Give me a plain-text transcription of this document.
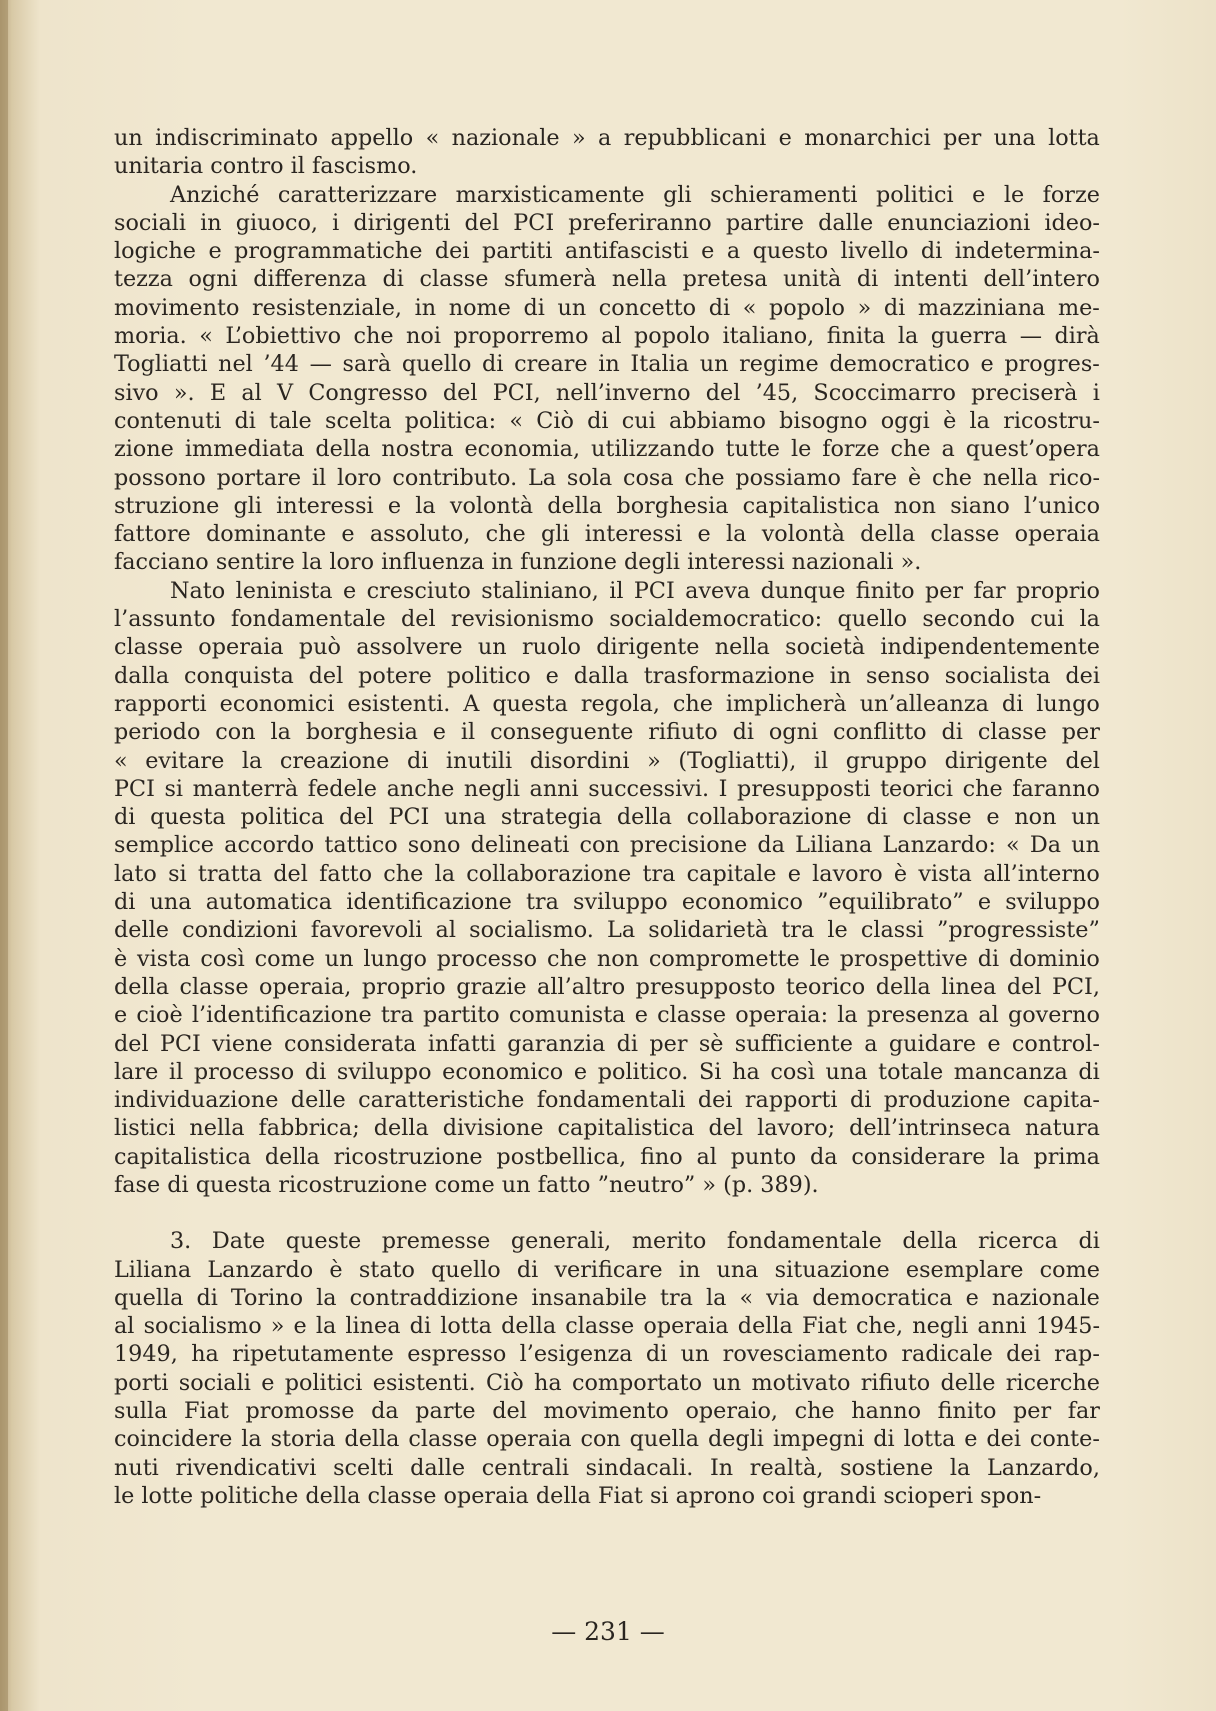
un indiscriminato appello « nazionale » a repubblicani e monarchici per una lotta
unitaria contro il fascismo.
Anziché caratterizzare marxisticamente gli schieramenti politici e le forze
sociali in giuoco, i dirigenti del PCI preferiranno partire dalle enunciazioni ideo-
logiche e programmatiche dei partiti antifascisti e a questo livello di indetermina-
tezza ogni differenza di classe sfumerà nella pretesa unità di intenti dell’intero
movimento resistenziale, in nome di un concetto di « popolo » di mazziniana me-
moria. « L’obiettivo che noi proporremo al popolo italiano, finita la guerra — dirà
Togliatti nel ’44 — sarà quello di creare in Italia un regime democratico e progres-
sivo ». E al V Congresso del PCI, nell’inverno del ’45, Scoccimarro preciserà i
contenuti di tale scelta politica: « Ciò di cui abbiamo bisogno oggi è la ricostru-
zione immediata della nostra economia, utilizzando tutte le forze che a quest’opera
possono portare il loro contributo. La sola cosa che possiamo fare è che nella rico-
struzione gli interessi e la volontà della borghesia capitalistica non siano l’unico
fattore dominante e assoluto, che gli interessi e la volontà della classe operaia
facciano sentire la loro influenza in funzione degli interessi nazionali ».
Nato leninista e cresciuto staliniano, il PCI aveva dunque finito per far proprio
l’assunto fondamentale del revisionismo socialdemocratico: quello secondo cui la
classe operaia può assolvere un ruolo dirigente nella società indipendentemente
dalla conquista del potere politico e dalla trasformazione in senso socialista dei
rapporti economici esistenti. A questa regola, che implicherà un’alleanza di lungo
periodo con la borghesia e il conseguente rifiuto di ogni conflitto di classe per
« evitare la creazione di inutili disordini » (Togliatti), il gruppo dirigente del
PCI si manterrà fedele anche negli anni successivi. I presupposti teorici che faranno
di questa politica del PCI una strategia della collaborazione di classe e non un
semplice accordo tattico sono delineati con precisione da Liliana Lanzardo: « Da un
lato si tratta del fatto che la collaborazione tra capitale e lavoro è vista all’interno
di una automatica identificazione tra sviluppo economico ”equilibrato” e sviluppo
delle condizioni favorevoli al socialismo. La solidarietà tra le classi ”progressiste”
è vista così come un lungo processo che non compromette le prospettive di dominio
della classe operaia, proprio grazie all’altro presupposto teorico della linea del PCI,
e cioè l’identificazione tra partito comunista e classe operaia: la presenza al governo
del PCI viene considerata infatti garanzia di per sè sufficiente a guidare e control-
lare il processo di sviluppo economico e politico. Si ha così una totale mancanza di
individuazione delle caratteristiche fondamentali dei rapporti di produzione capita-
listici nella fabbrica; della divisione capitalistica del lavoro; dell’intrinseca natura
capitalistica della ricostruzione postbellica, fino al punto da considerare la prima
fase di questa ricostruzione come un fatto ”neutro” » (p. 389).
3. Date queste premesse generali, merito fondamentale della ricerca di
Liliana Lanzardo è stato quello di verificare in una situazione esemplare come
quella di Torino la contraddizione insanabile tra la « via democratica e nazionale
al socialismo » e la linea di lotta della classe operaia della Fiat che, negli anni 1945-
1949, ha ripetutamente espresso l’esigenza di un rovesciamento radicale dei rap-
porti sociali e politici esistenti. Ciò ha comportato un motivato rifiuto delle ricerche
sulla Fiat promosse da parte del movimento operaio, che hanno finito per far
coincidere la storia della classe operaia con quella degli impegni di lotta e dei conte-
nuti rivendicativi scelti dalle centrali sindacali. In realtà, sostiene la Lanzardo,
le lotte politiche della classe operaia della Fiat si aprono coi grandi scioperi spon-
— 231 —
